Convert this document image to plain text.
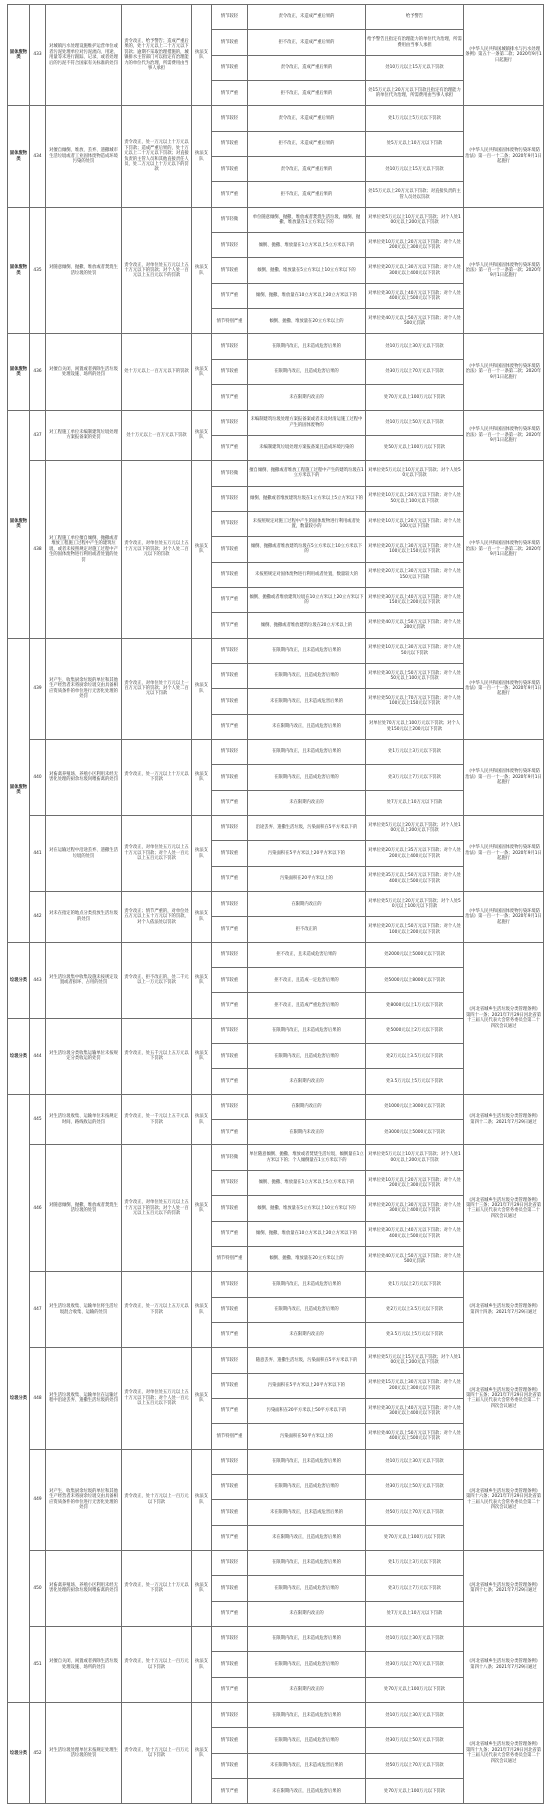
固体废物类	433	对城镇污水处理设施维护运营单位或者污泥处理单位对污泥流向、用途、用量等未进行跟踪、记录，或者处理后的污泥不符合国家有关标准的处罚	责令改正，给予警告；造成严重后果的，处十万元以上二十万元以下罚款；逾期不采取治理措施的，城镇排水主管部门可以指定有治理能力的单位代为治理，所需费用由当事人承担	执法支队	情节较轻	责令改正，未造成严重后果的	给予警告	《中华人民共和国城镇排水与污水处理条例》第五十一条第二款；2020年9月1日起施行
					情节较重	拒不改正，未造成严重后果的	给予警告且指定有治理能力的单位代为治理，所需费用由当事人承担	
					情节较重	责令改正，造成严重后果的	处10万元以上15万元以下罚款	
					情节严重	拒不改正，造成严重后果的	处15万元以上20万元以下罚款且指定有治理能力的单位代为治理，所需费用由当事人承担	
固体废物类	434	对擅自倾倒、堆放、丢弃、遗撒城市生活垃圾或者工业固体废物造成环境污染的处罚	责令改正，处一万元以上十万元以下罚款；造成严重后果的，处十万元以上二十万元以下罚款；对直接负责的主管人员和其他直接责任人员，处二万元以上十万元以下的罚款	执法支队	情节较轻	责令改正，未造成严重后果的	处1万元以上5万元以下罚款	《中华人民共和国固体废物污染环境防治法》第一百一十二条；2020年9月1日起施行
					情节较重	拒不改正，未造成严重后果的	处5万元以上10万元以下罚款	
					情节较重	责令改正，造成严重后果的	处10万元以上15万元以下罚款	
					情节严重	拒不改正，造成严重后果的	处15万元以上20万元以下罚款；对直接负责的主管人员处以罚款	
固体废物类	435	对随意倾倒、抛撒、堆放或者焚烧生活垃圾的处罚	责令改正，对单位处五万元以上五十万元以下的罚款；对个人处一百元以上五百元以下的罚款	执法支队	情节轻微	单位随意倾倒、抛撒、堆放或者焚烧生活垃圾，倾倒、抛撒、堆放量在1立方米以下的	对单位处5万元以上10万元以下罚款；对个人处100元以上200元以下罚款	《中华人民共和国固体废物污染环境防治法》第一百一十一条第一款；2020年9月1日起施行
					情节较轻	倾倒、抛撒、堆放量在1立方米以上5立方米以下的	对单位处10万元以上20万元以下罚款；对个人处200元以上300元以下罚款	
					情节较重	倾倒、抛撒、堆放量在5立方米以上10立方米以下的	对单位处20万元以上30万元以下罚款；对个人处300元以上400元以下罚款	
					情节严重	倾倒、抛撒、堆放量在10立方米以上20立方米以下的	对单位处30万元以上40万元以下罚款；对个人处400元以上500元以下罚款	
					情节特别严重	倾倒、抛撒、堆放量在20立方米以上的	对单位处40万元以上50万元以下罚款；对个人处500元罚款	
固体废物类	436	对擅自关闭、闲置或者拆除生活垃圾处理设施、场所的处罚	处十万元以上一百万元以下的罚款	执法支队	情节较轻	在限期内改正，且未造成危害后果的	处10万元以上30万元以下罚款	《中华人民共和国固体废物污染环境防治法》第一百一十一条第二款；2020年9月1日起施行
					情节较重	在限期内改正，且造成危害后果的	处30万元以上70万元以下罚款	
					情节严重	未在限期内改正的	处70万元以上100万元以下罚款	
固体废物类	437	对工程施工单位未编制建筑垃圾处理方案报备案的处罚	处十万元以上一百万元以下罚款	执法支队	情节较轻	未编制建筑垃圾处理方案报备案或者未及时清运施工过程中产生的固体废物的	处10万元以上50万元以下罚款	《中华人民共和国固体废物污染环境防治法》第一百一十一条第一款；2020年9月1日起施行
					情节严重	未编制建筑垃圾处理方案报备案且造成环境污染的	处50万元以上100万元以下罚款	
	438	对工程施工单位擅自倾倒、抛撒或者堆放工程施工过程中产生的建筑垃圾，或者未按照规定对施工过程中产生的固体废物进行利用或者处置的处罚	责令改正，对单位处五万元以上五十万元以下的罚款；对个人处二百元以下的罚款	执法支队	情节轻微	擅自倾倒、抛撒或者堆放工程施工过程中产生的建筑垃圾在1立方米以下的	对单位处5万元以上10万元以下罚款；对个人处50元以下罚款	《中华人民共和国固体废物污染环境防治法》第一百一十一条第二款；2020年9月1日起施行
					情节较轻	倾倒、抛撒或者堆放建筑垃圾在1立方米以上5立方米以下的	对单位处10万元以上20万元以下罚款；对个人处50元以上100元以下罚款	
					情节较轻	未按照规定对施工过程中产生的固体废物进行利用或者处置，数量较小的	对单位处10万元以上20万元以下罚款；对个人处100元以下罚款	
					情节较重	倾倒、抛撒或者堆放建筑垃圾在5立方米以上10立方米以下的	对单位处20万元以上30万元以下罚款；对个人处100元以上150元以下罚款	
					情节较重	未按照规定对固体废物进行利用或者处置，数量较大的	对单位处20万元以上30万元以下罚款；对个人处150元以下罚款	
					情节严重	倾倒、抛撒或者堆放建筑垃圾在10立方米以上20立方米以下的	对单位处30万元以上40万元以下罚款；对个人处150元以上200元以下罚款	
					情节严重	倾倒、抛撒或者堆放建筑垃圾在20立方米以上的	对单位处40万元以上50万元以下罚款；对个人处200元罚款	
固体废物类	439	对产生、收集厨余垃圾的单位和其他生产经营者未将厨余垃圾交由具备相应资质条件的单位进行无害化处理的处罚	责令改正，对单位处十万元以上一百万元以下的罚款；对个人处二百元以下罚款	执法支队	情节较轻	在限期内改正，且未造成危害后果的	对单位处10万元以上30万元以下罚款；对个人处50元以下罚款	《中华人民共和国固体废物污染环境防治法》第一百一十一条；2020年9月1日起施行
					情节较重	在限期内改正，且造成危害后果的	对单位处30万元以上50万元以下罚款；对个人处50元以上100元以下罚款	
					情节较重	未在限期内改正，且未造成危害后果的	对单位处50万元以上70万元以下罚款；对个人处100元以上150元以下罚款	
					情节严重	未在限期内改正，且造成危害后果的	对单位处70万元以上100万元以下罚款；对个人处150元以上200元以下罚款	
	440	对畜禽养殖场、养殖小区利用未经无害化处理的厨余垃圾饲喂畜禽的处罚	责令改正，处一万元以上十万元以下罚款	执法支队	情节较轻	在限期内改正，且未造成危害后果的	处1万元以上3万元以下罚款	《中华人民共和国固体废物污染环境防治法》第一百一十一条；2020年9月1日起施行
					情节较重	在限期内改正，且造成危害后果的	处3万元以上7万元以下罚款	
					情节严重	未在限期内改正的	处7万元以上10万元以下罚款	
	441	对在运输过程中沿途丢弃、遗撒生活垃圾的处罚	责令改正，对单位处五万元以上五十万元以下罚款；对个人处一百元以上五百元以下罚款	执法支队	情节较轻	沿途丢弃、遗撒生活垃圾，污染面积在5平方米以下的	对单位处5万元以上20万元以下罚款；对个人处100元以上200元以下罚款	《中华人民共和国固体废物污染环境防治法》第一百一十一条；2020年9月1日起施行
					情节较重	污染面积在5平方米以上20平方米以下的	对单位处20万元以上35万元以下罚款；对个人处200元以上400元以下罚款	
					情节严重	污染面积在20平方米以上的	对单位处35万元以上50万元以下罚款；对个人处400元以上500元以下罚款	
	442	对未在指定的地点分类投放生活垃圾的处罚	责令改正；情节严重的，对单位处五万元以上五十万元以下的罚款，对个人依法处以罚款	执法支队	情节较轻	在限期内改正的	对单位处5万元以上20万元以下罚款；对个人处50元以上100元以下罚款	《中华人民共和国固体废物污染环境防治法》第一百一十一条；2020年9月1日起施行
					情节严重	拒不改正的	对单位处20万元以上50万元以下罚款；对个人处100元以上200元以下罚款	
垃圾分类	443	对生活垃圾集中收集设施未按规定设置或者损坏、占用的处罚	责令改正，拒不改正的，处二千元以上一万元以下罚款	执法支队	情节较轻	拒不改正，且未造成危害后果的	处2000元以上5000元以下罚款	《河北省城乡生活垃圾分类管理条例》第四十一条；2021年7月29日河北省第十三届人民代表大会常务委员会第二十四次会议通过
					情节较重	拒不改正，且造成一定危害后果的	处5000元以上8000元以下罚款	
					情节严重	拒不改正，且造成严重危害后果的	处8000元以上1万元以下罚款	
垃圾分类	444	对生活垃圾分类收集运输单位未按规定分类收运的处罚	责令改正，处五千元以上五万元以下罚款	执法支队	情节较轻	在限期内改正，且未造成危害后果的	处5000元以上2万元以下罚款	
					情节较重	在限期内改正，且造成危害后果的	处2万元以上3.5万元以下罚款	
					情节严重	未在限期内改正的	处3.5万元以上5万元以下罚款	
垃圾分类	445	对生活垃圾收集、运输单位未按规定时间、路线收运的处罚	责令改正，处一千元以上五千元以下罚款	执法支队	情节较轻	在限期内改正的	处1000元以上3000元以下罚款	《河北省城乡生活垃圾分类管理条例》第四十二条；2021年7月29日通过
					情节严重	在限期内未改正的	处3000元以上5000元以下罚款	
	446	对随意倾倒、抛撒、堆放或者焚烧生活垃圾的处罚	责令改正，对单位处五万元以上五十万元以下的罚款；对个人处一百元以上五百元以下的罚款	执法支队	情节轻微	单位随意倾倒、抛撒、堆放或者焚烧生活垃圾，倾倒量在1立方米以下的；个人倾倒量在1立方米以下的	对单位处5万元以上10万元以下罚款；对个人处100元以上200元以下罚款	《河北省城乡生活垃圾分类管理条例》第四十三条；2021年7月29日河北省第十三届人民代表大会常务委员会第二十四次会议通过
					情节较轻	倾倒、抛撒、堆放量在1立方米以上5立方米以下的	对单位处10万元以上20万元以下罚款；对个人处200元以上300元以下罚款	
					情节较重	倾倒、抛撒、堆放量在5立方米以上10立方米以下的	对单位处20万元以上30万元以下罚款；对个人处300元以上400元以下罚款	
					情节严重	倾倒、抛撒、堆放量在10立方米以上20立方米以下的	对单位处30万元以上40万元以下罚款；对个人处400元以上500元以下罚款	
					情节特别严重	倾倒、抛撒、堆放量在20立方米以上的	对单位处40万元以上50万元以下罚款；对个人处500元罚款	
	447	对生活垃圾收集、运输单位将生活垃圾混合收集、运输的处罚	责令改正，处一万元以上五万元以下罚款	执法支队	情节较轻	在限期内改正，且未造成危害后果的	处1万元以上2万元以下罚款	《河北省城乡生活垃圾分类管理条例》第四十四条；2021年7月29日通过
					情节较重	在限期内改正，且造成危害后果的	处2万元以上3.5万元以下罚款	
					情节严重	未在限期内改正的	处3.5万元以上5万元以下罚款	
	448	对生活垃圾收集、运输单位在运输过程中沿途丢弃、遗撒生活垃圾的处罚	责令改正，对单位处五万元以上五十万元以下罚款；对个人处一百元以上五百元以下罚款	执法支队	情节较轻	随意丢弃、遗撒生活垃圾，污染面积在5平方米以下的	对单位处5万元以上15万元以下罚款；对个人处100元以上200元以下罚款	《河北省城乡生活垃圾分类管理条例》第四十五条；2021年7月29日河北省第十三届人民代表大会常务委员会第二十四次会议通过
					情节较重	污染面积在5平方米以上20平方米以下的	对单位处15万元以上30万元以下罚款；对个人处200元以上300元以下罚款	
					情节严重	污染面积在20平方米以上50平方米以下的	对单位处30万元以上40万元以下罚款；对个人处300元以上400元以下罚款	
					情节特别严重	污染面积在50平方米以上的	对单位处40万元以上50万元以下罚款；对个人处400元以上500元以下罚款	
	449	对产生、收集厨余垃圾的单位和其他生产经营者未将厨余垃圾交由具备相应资质条件的单位进行无害化处理的处罚	责令改正，处十万元以上一百万元以下罚款	执法支队	情节较轻	在限期内改正，且未造成危害后果的	处10万元以上30万元以下罚款	《河北省城乡生活垃圾分类管理条例》第四十六条；2021年7月29日河北省第十三届人民代表大会常务委员会第二十四次会议通过
					情节较重	在限期内改正，且造成危害后果的	处30万元以上50万元以下罚款	
					情节较重	未在限期内改正，且未造成危害后果的	处50万元以上70万元以下罚款	
					情节严重	未在限期内改正，且造成危害后果的	处70万元以上100万元以下罚款	
	450	对畜禽养殖场、养殖小区利用未经无害化处理的厨余垃圾饲喂畜禽的处罚	责令改正，处一万元以上十万元以下罚款	执法支队	情节较轻	在限期内改正，且未造成危害后果的	处1万元以上3万元以下罚款	《河北省城乡生活垃圾分类管理条例》第四十七条；2021年7月29日通过
					情节较重	在限期内改正，且造成危害后果的	处3万元以上7万元以下罚款	
					情节严重	未在限期内改正的	处7万元以上10万元以下罚款	
	451	对擅自关闭、闲置或者拆除生活垃圾处理设施、场所的处罚	责令改正，处十万元以上一百万元以下罚款	执法支队	情节较轻	在限期内改正，且未造成危害后果的	处10万元以上30万元以下罚款	《河北省城乡生活垃圾分类管理条例》第四十八条；2021年7月29日通过
					情节较重	在限期内改正，且造成危害后果的	处30万元以上70万元以下罚款	
					情节严重	未在限期内改正的	处70万元以上100万元以下罚款	
垃圾分类	452	对生活垃圾处理单位未按规定处理生活垃圾的处罚	责令改正，处十万元以上一百万元以下罚款	执法支队	情节较轻	在限期内改正，且未造成危害后果的	处10万元以上30万元以下罚款	《河北省城乡生活垃圾分类管理条例》第四十九条；2021年7月29日河北省第十三届人民代表大会常务委员会第二十四次会议通过
					情节较重	在限期内改正，且造成危害后果的	处30万元以上50万元以下罚款	
					情节较重	未在限期内改正，且未造成危害后果的	处50万元以上70万元以下罚款	
					情节严重	未在限期内改正，且造成危害后果的	处70万元以上100万元以下罚款	
